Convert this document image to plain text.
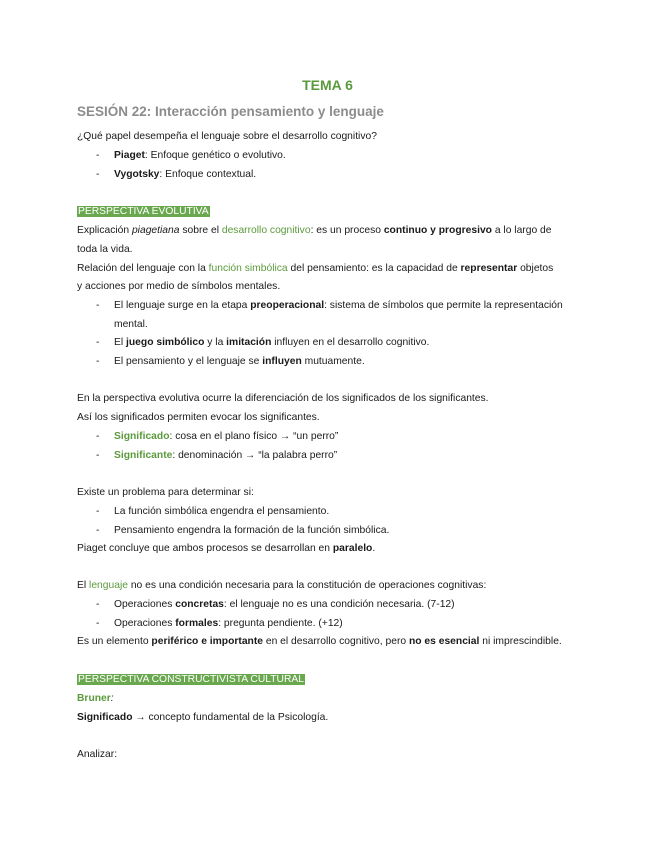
TEMA 6
SESIÓN 22: Interacción pensamiento y lenguaje
¿Qué papel desempeña el lenguaje sobre el desarrollo cognitivo?
- Piaget: Enfoque genético o evolutivo.
- Vygotsky: Enfoque contextual.
PERSPECTIVA EVOLUTIVA
Explicación piagetiana sobre el desarrollo cognitivo: es un proceso continuo y progresivo a lo largo de
toda la vida.
Relación del lenguaje con la función simbólica del pensamiento: es la capacidad de representar objetos
y acciones por medio de símbolos mentales.
- El lenguaje surge en la etapa preoperacional: sistema de símbolos que permite la representación
mental.
- El juego simbólico y la imitación influyen en el desarrollo cognitivo.
- El pensamiento y el lenguaje se influyen mutuamente.
En la perspectiva evolutiva ocurre la diferenciación de los significados de los significantes.
Así los significados permiten evocar los significantes.
- Significado: cosa en el plano físico → “un perro”
- Significante: denominación → “la palabra perro”
Existe un problema para determinar si:
- La función simbólica engendra el pensamiento.
- Pensamiento engendra la formación de la función simbólica.
Piaget concluye que ambos procesos se desarrollan en paralelo.
El lenguaje no es una condición necesaria para la constitución de operaciones cognitivas:
- Operaciones concretas: el lenguaje no es una condición necesaria. (7-12)
- Operaciones formales: pregunta pendiente. (+12)
Es un elemento periférico e importante en el desarrollo cognitivo, pero no es esencial ni imprescindible.
PERSPECTIVA CONSTRUCTIVISTA CULTURAL
Bruner:
Significado → concepto fundamental de la Psicología.
Analizar:
